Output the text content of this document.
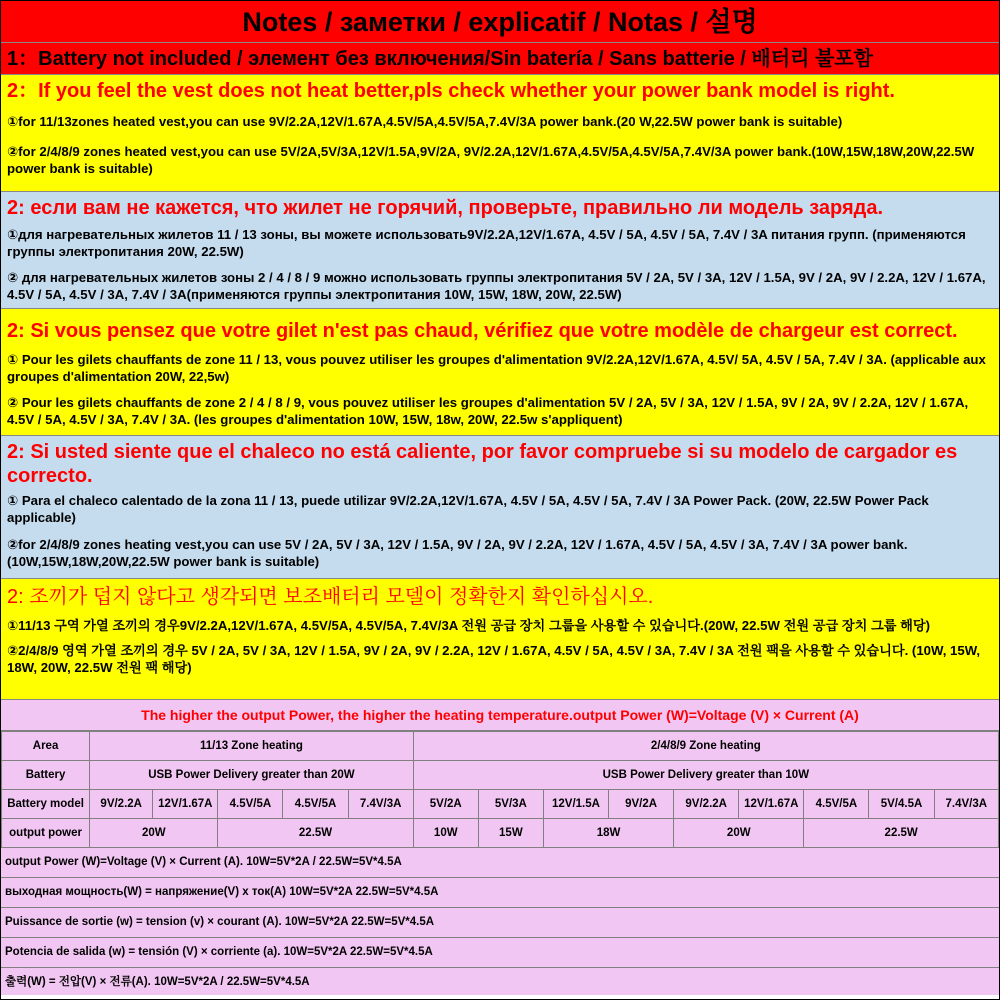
Notes / заметки / explicatif / Notas / 설명
1：Battery not included / элемент без включения/Sin batería / Sans batterie / 배터리 불포함
2：If you feel the vest does not heat better,pls check whether your power bank model is right.
①for 11/13zones heated vest,you can use 9V/2.2A,12V/1.67A,4.5V/5A,4.5V/5A,7.4V/3A power bank.(20 W,22.5W power bank is suitable)
②for 2/4/8/9 zones heated vest,you can use 5V/2A,5V/3A,12V/1.5A,9V/2A, 9V/2.2A,12V/1.67A,4.5V/5A,4.5V/5A,7.4V/3A power bank.(10W,15W,18W,20W,22.5W power bank is suitable)
2: если вам не кажется, что жилет не горячий, проверьте, правильно ли модель заряда.
①для нагревательных жилетов 11 / 13 зоны, вы можете использовать9V/2.2A,12V/1.67A, 4.5V / 5A, 4.5V / 5A, 7.4V / 3A питания групп. (применяются группы электропитания 20W, 22.5W)
② для нагревательных жилетов зоны 2 / 4 / 8 / 9 можно использовать группы электропитания 5V / 2A, 5V / 3A, 12V / 1.5A, 9V / 2A, 9V / 2.2A, 12V / 1.67A, 4.5V / 5A, 4.5V / 3A, 7.4V / 3A(применяются группы электропитания 10W, 15W, 18W, 20W, 22.5W)
2: Si vous pensez que votre gilet n'est pas chaud, vérifiez que votre modèle de chargeur est correct.
① Pour les gilets chauffants de zone 11 / 13, vous pouvez utiliser les groupes d'alimentation 9V/2.2A,12V/1.67A, 4.5V/ 5A, 4.5V / 5A, 7.4V / 3A. (applicable aux groupes d'alimentation 20W, 22,5w)
② Pour les gilets chauffants de zone 2 / 4 / 8 / 9, vous pouvez utiliser les groupes d'alimentation 5V / 2A, 5V / 3A, 12V / 1.5A, 9V / 2A, 9V / 2.2A, 12V / 1.67A, 4.5V / 5A, 4.5V / 3A, 7.4V / 3A. (les groupes d'alimentation 10W, 15W, 18w, 20W, 22.5w s'appliquent)
2: Si usted siente que el chaleco no está caliente, por favor compruebe si su modelo de cargador es correcto.
① Para el chaleco calentado de la zona 11 / 13, puede utilizar 9V/2.2A,12V/1.67A, 4.5V / 5A, 4.5V / 5A, 7.4V / 3A Power Pack. (20W, 22.5W Power Pack applicable)
②for 2/4/8/9 zones heating vest,you can use 5V / 2A, 5V / 3A, 12V / 1.5A, 9V / 2A, 9V / 2.2A, 12V / 1.67A, 4.5V / 5A, 4.5V / 3A, 7.4V / 3A power bank.(10W,15W,18W,20W,22.5W power bank is suitable)
2: 조끼가 덥지 않다고 생각되면 보조배터리 모델이 정확한지 확인하십시오.
①11/13 구역 가열 조끼의 경우9V/2.2A,12V/1.67A, 4.5V/5A, 4.5V/5A, 7.4V/3A 전원 공급 장치 그룹을 사용할 수 있습니다.(20W, 22.5W 전원 공급 장치 그룹 해당)
②2/4/8/9 영역 가열 조끼의 경우 5V / 2A, 5V / 3A, 12V / 1.5A, 9V / 2A, 9V / 2.2A, 12V / 1.67A, 4.5V / 5A, 4.5V / 3A, 7.4V / 3A 전원 팩을 사용할 수 있습니다. (10W, 15W, 18W, 20W, 22.5W 전원 팩 해당)
The higher the output Power, the higher the heating temperature.output Power (W)=Voltage (V) × Current (A)
Area	11/13 Zone heating					2/4/8/9 Zone heating								
Battery	USB Power Delivery greater than 20W					USB Power Delivery greater than 10W								
Battery model	9V/2.2A	12V/1.67A	4.5V/5A	4.5V/5A	7.4V/3A	5V/2A	5V/3A	12V/1.5A	9V/2A	9V/2.2A	12V/1.67A	4.5V/5A	5V/4.5A	7.4V/3A
output power	20W		22.5W			10W	15W	18W		20W		22.5W		
output Power (W)=Voltage (V) × Current (A). 10W=5V*2A / 22.5W=5V*4.5A
выходная мощность(W) = напряжение(V) x ток(A) 10W=5V*2A 22.5W=5V*4.5A
Puissance de sortie (w) = tension (v) × courant (A). 10W=5V*2A 22.5W=5V*4.5A
Potencia de salida (w) = tensión (V) × corriente (a). 10W=5V*2A 22.5W=5V*4.5A
출력(W) = 전압(V) × 전류(A). 10W=5V*2A / 22.5W=5V*4.5A
